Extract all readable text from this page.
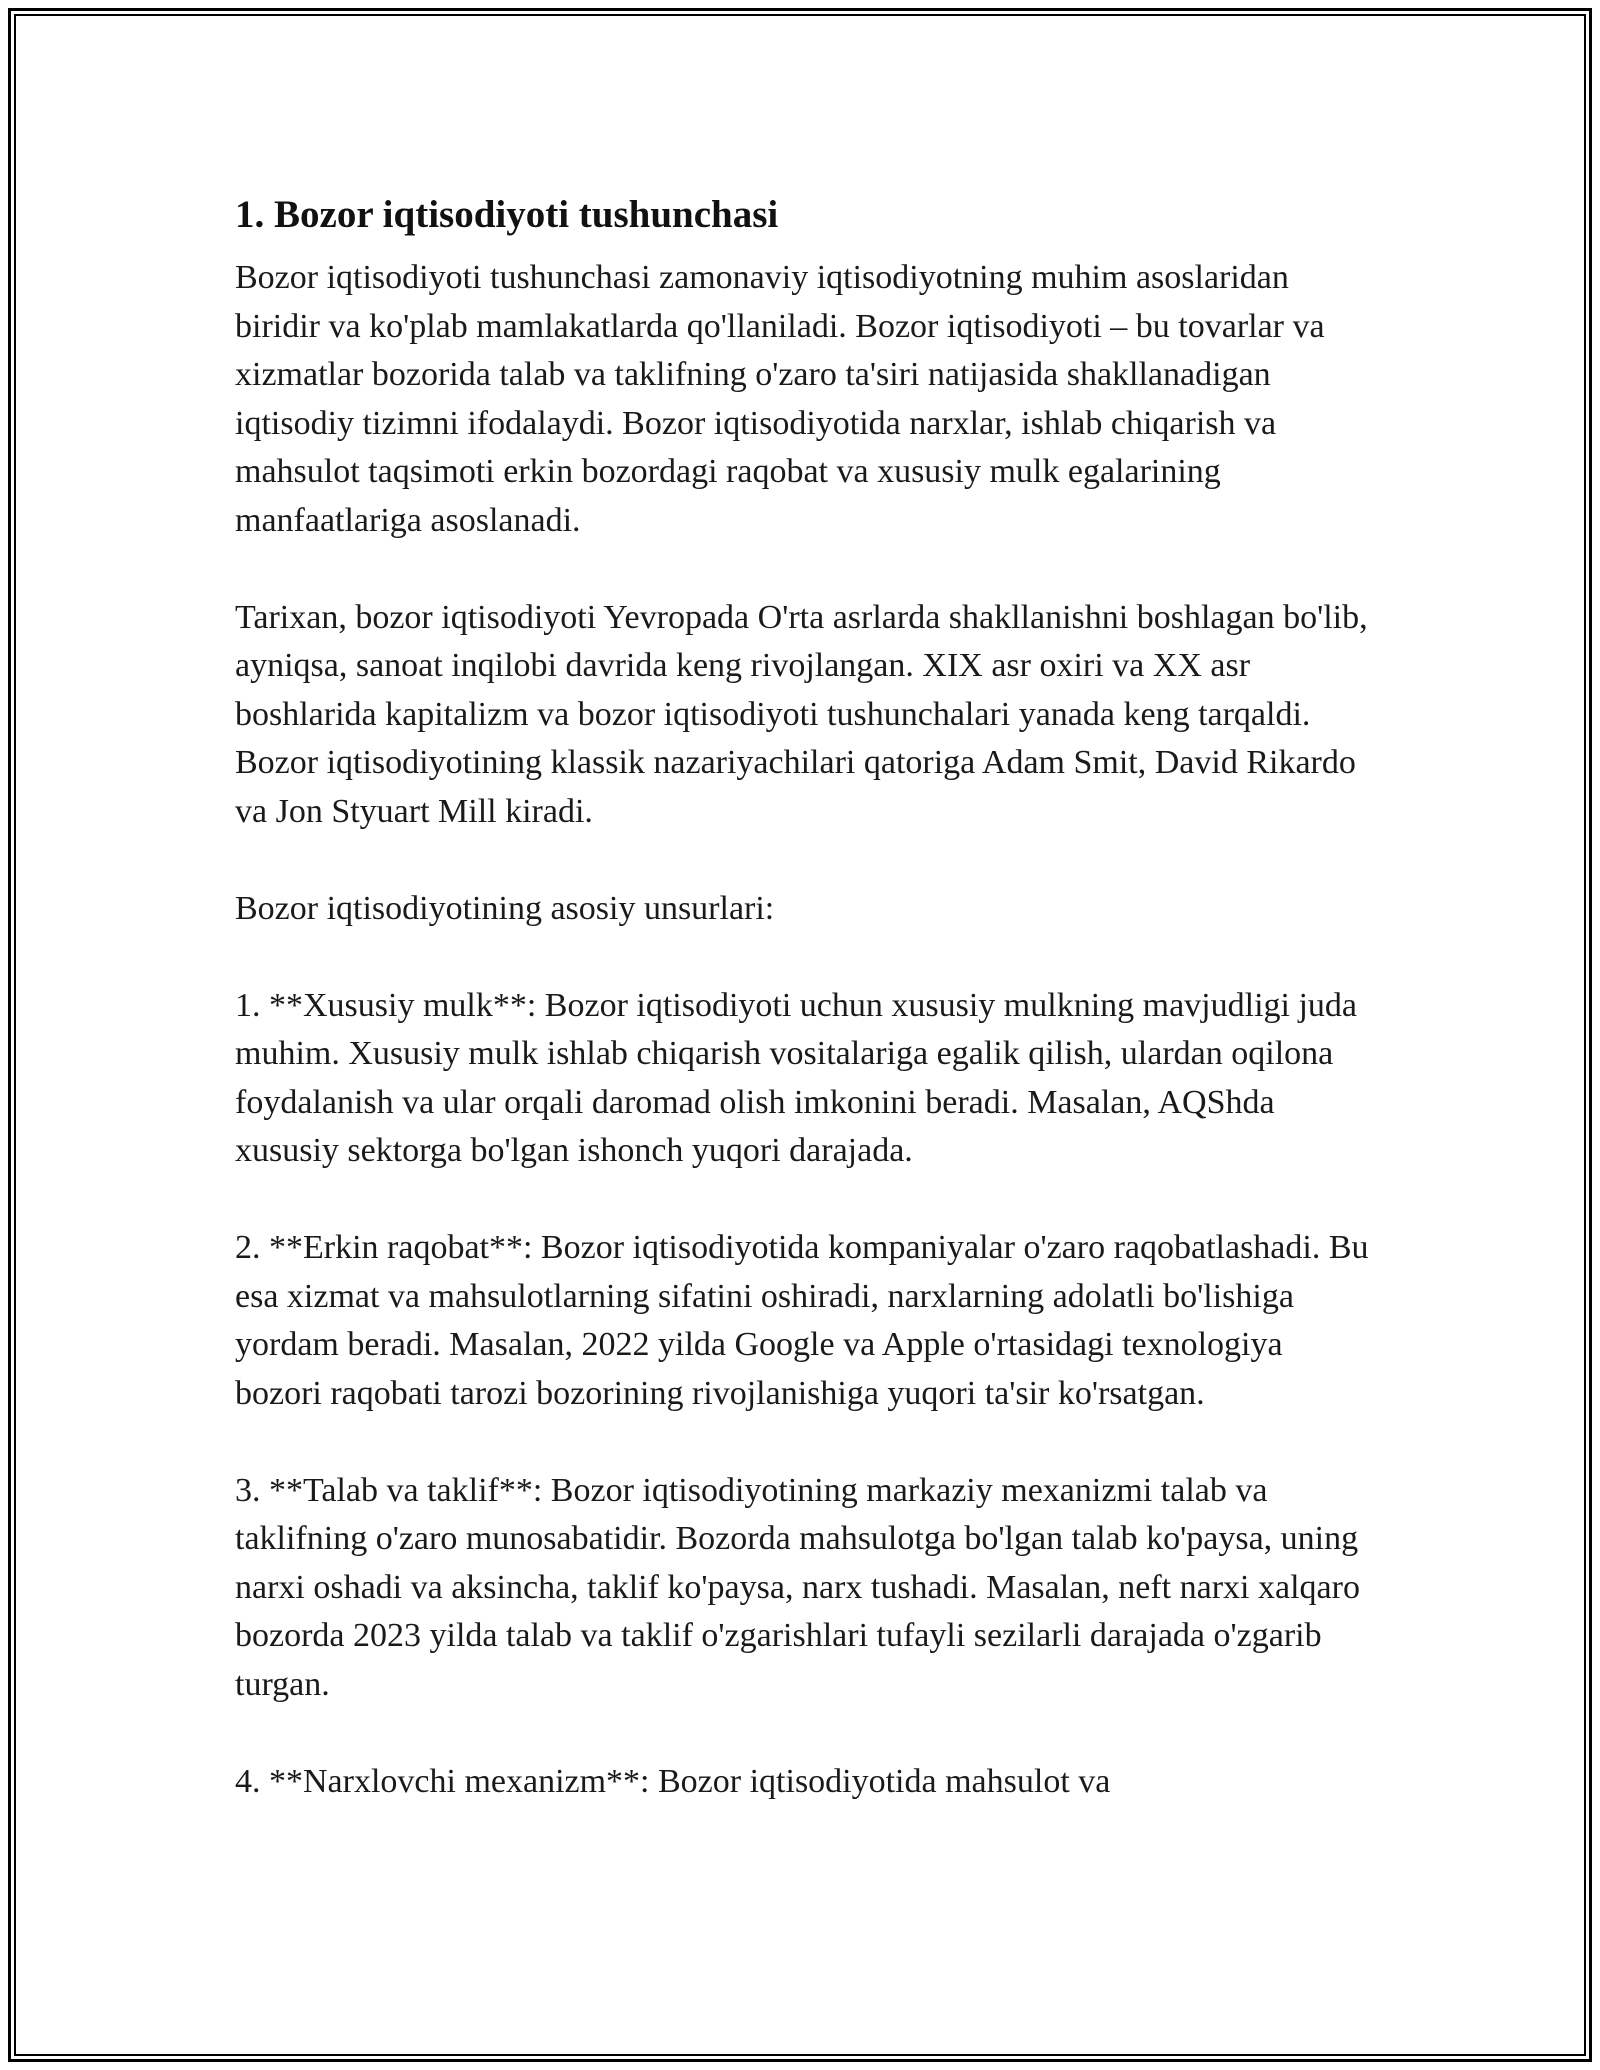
1. Bozor iqtisodiyoti tushunchasi

Bozor iqtisodiyoti tushunchasi zamonaviy iqtisodiyotning muhim asoslaridan biridir va ko'plab mamlakatlarda qo'llaniladi. Bozor iqtisodiyoti – bu tovarlar va xizmatlar bozorida talab va taklifning o'zaro ta'siri natijasida shakllanadigan iqtisodiy tizimni ifodalaydi. Bozor iqtisodiyotida narxlar, ishlab chiqarish va mahsulot taqsimoti erkin bozordagi raqobat va xususiy mulk egalarining manfaatlariga asoslanadi.

Tarixan, bozor iqtisodiyoti Yevropada O'rta asrlarda shakllanishni boshlagan bo'lib, ayniqsa, sanoat inqilobi davrida keng rivojlangan. XIX asr oxiri va XX asr boshlarida kapitalizm va bozor iqtisodiyoti tushunchalari yanada keng tarqaldi. Bozor iqtisodiyotining klassik nazariyachilari qatoriga Adam Smit, David Rikardo va Jon Styuart Mill kiradi.

Bozor iqtisodiyotining asosiy unsurlari:

1. **Xususiy mulk**: Bozor iqtisodiyoti uchun xususiy mulkning mavjudligi juda muhim. Xususiy mulk ishlab chiqarish vositalariga egalik qilish, ulardan oqilona foydalanish va ular orqali daromad olish imkonini beradi. Masalan, AQShda xususiy sektorga bo'lgan ishonch yuqori darajada.

2. **Erkin raqobat**: Bozor iqtisodiyotida kompaniyalar o'zaro raqobatlashadi. Bu esa xizmat va mahsulotlarning sifatini oshiradi, narxlarning adolatli bo'lishiga yordam beradi. Masalan, 2022 yilda Google va Apple o'rtasidagi texnologiya bozori raqobati tarozi bozorining rivojlanishiga yuqori ta'sir ko'rsatgan.

3. **Talab va taklif**: Bozor iqtisodiyotining markaziy mexanizmi talab va taklifning o'zaro munosabatidir. Bozorda mahsulotga bo'lgan talab ko'paysa, uning narxi oshadi va aksincha, taklif ko'paysa, narx tushadi. Masalan, neft narxi xalqaro bozorda 2023 yilda talab va taklif o'zgarishlari tufayli sezilarli darajada o'zgarib turgan.

4. **Narxlovchi mexanizm**: Bozor iqtisodiyotida mahsulot va
